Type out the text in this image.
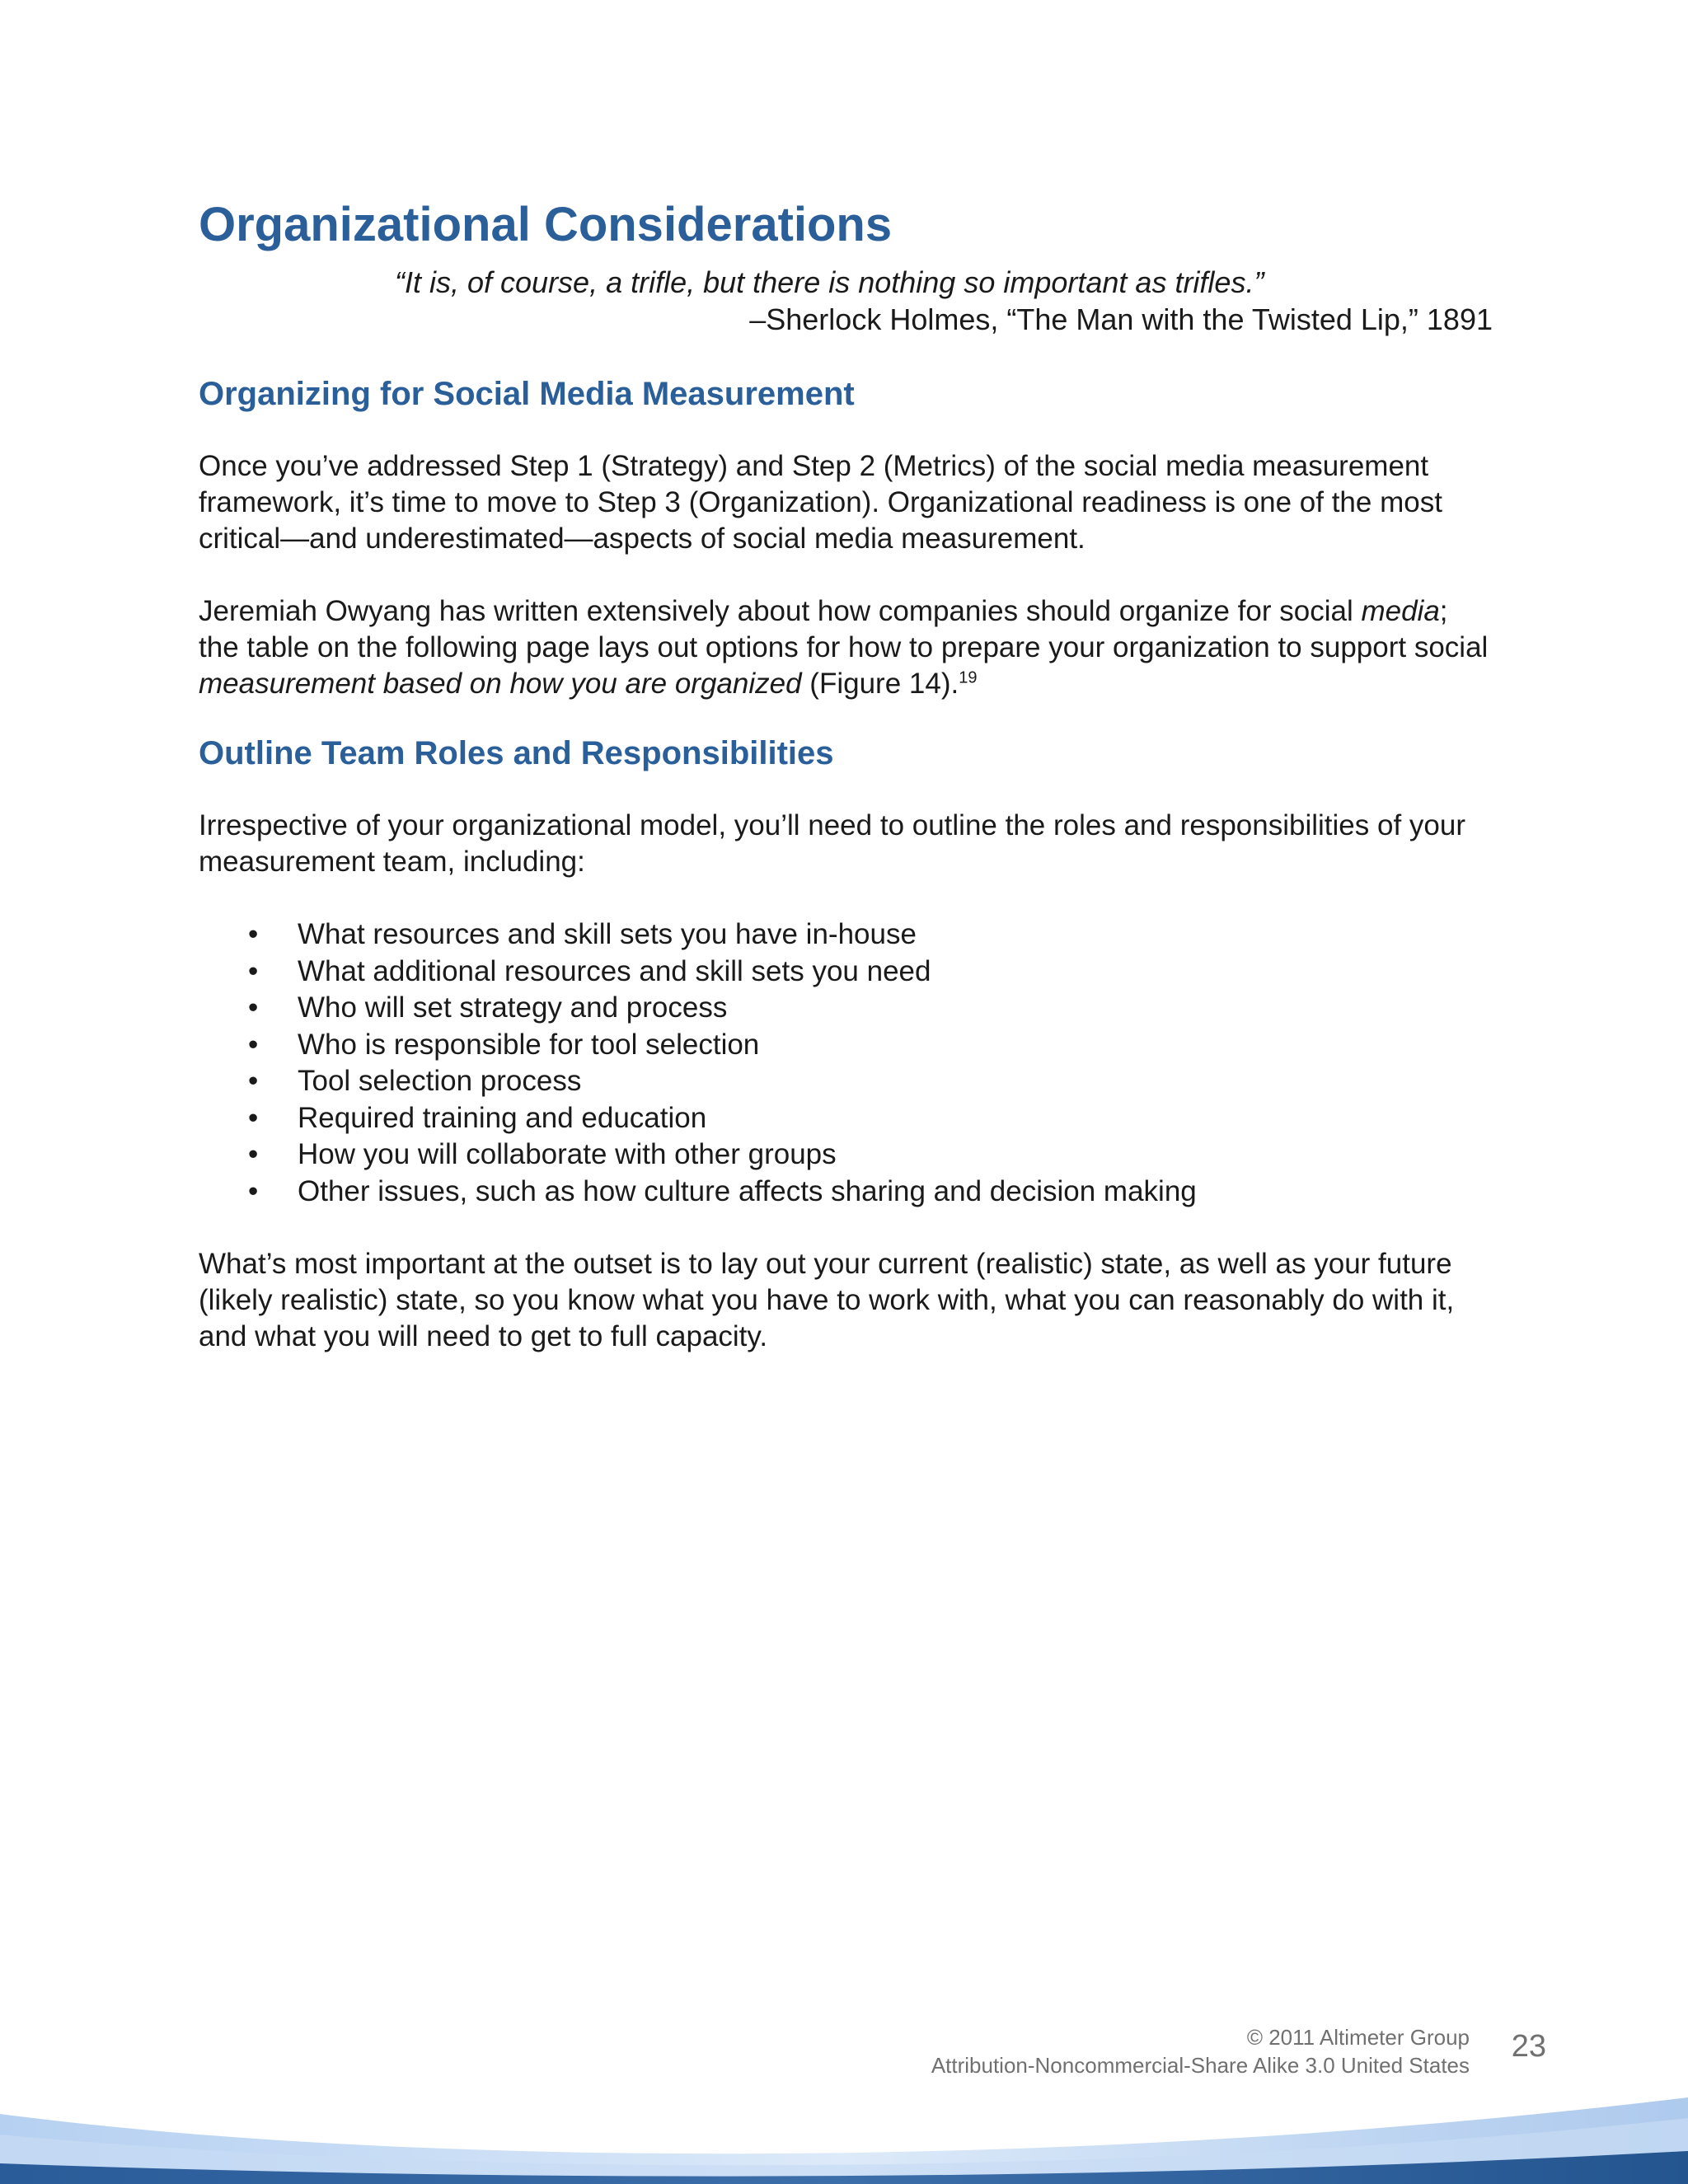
Organizational Considerations
“It is, of course, a trifle, but there is nothing so important as trifles.”
–Sherlock Holmes, “The Man with the Twisted Lip,” 1891
Organizing for Social Media Measurement

Once you’ve addressed Step 1 (Strategy) and Step 2 (Metrics) of the social media measurement framework, it’s time to move to Step 3 (Organization). Organizational readiness is one of the most critical—and underestimated—aspects of social media measurement.

Jeremiah Owyang has written extensively about how companies should organize for social media; the table on the following page lays out options for how to prepare your organization to support social measurement based on how you are organized (Figure 14).$^{19}$

Outline Team Roles and Responsibilities

Irrespective of your organizational model, you’ll need to outline the roles and responsibilities of your measurement team, including:

• What resources and skill sets you have in-house
• What additional resources and skill sets you need
• Who will set strategy and process
• Who is responsible for tool selection
• Tool selection process
• Required training and education
• How you will collaborate with other groups
• Other issues, such as how culture affects sharing and decision making

What’s most important at the outset is to lay out your current (realistic) state, as well as your future (likely realistic) state, so you know what you have to work with, what you can reasonably do with it, and what you will need to get to full capacity.

© 2011 Altimeter Group
Attribution-Noncommercial-Share Alike 3.0 United States
23
